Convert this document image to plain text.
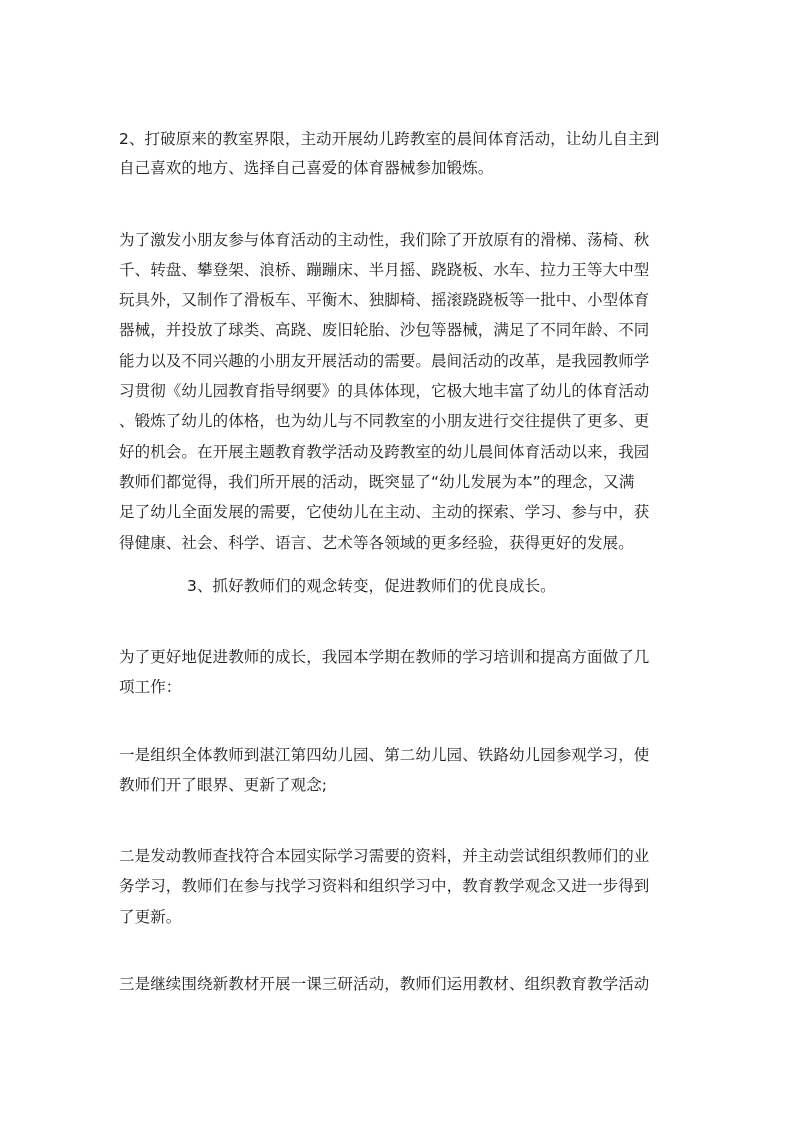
2、打破原来的教室界限，主动开展幼儿跨教室的晨间体育活动，让幼儿自主到
自己喜欢的地方、选择自己喜爱的体育器械参加锻炼。
为了激发小朋友参与体育活动的主动性，我们除了开放原有的滑梯、荡椅、秋
千、转盘、攀登架、浪桥、蹦蹦床、半月摇、跷跷板、水车、拉力王等大中型
玩具外，又制作了滑板车、平衡木、独脚椅、摇滚跷跷板等一批中、小型体育
器械，并投放了球类、高跷、废旧轮胎、沙包等器械，满足了不同年龄、不同
能力以及不同兴趣的小朋友开展活动的需要。晨间活动的改革，是我园教师学
习贯彻《幼儿园教育指导纲要》的具体体现，它极大地丰富了幼儿的体育活动
、锻炼了幼儿的体格，也为幼儿与不同教室的小朋友进行交往提供了更多、更
好的机会。在开展主题教育教学活动及跨教室的幼儿晨间体育活动以来，我园
教师们都觉得，我们所开展的活动，既突显了“幼儿发展为本”的理念，又满
足了幼儿全面发展的需要，它使幼儿在主动、主动的探索、学习、参与中，获
得健康、社会、科学、语言、艺术等各领域的更多经验，获得更好的发展。
3、抓好教师们的观念转变，促进教师们的优良成长。
为了更好地促进教师的成长，我园本学期在教师的学习培训和提高方面做了几
项工作：
一是组织全体教师到湛江第四幼儿园、第二幼儿园、铁路幼儿园参观学习，使
教师们开了眼界、更新了观念;
二是发动教师查找符合本园实际学习需要的资料，并主动尝试组织教师们的业
务学习，教师们在参与找学习资料和组织学习中，教育教学观念又进一步得到
了更新。
三是继续围绕新教材开展一课三研活动，教师们运用教材、组织教育教学活动
